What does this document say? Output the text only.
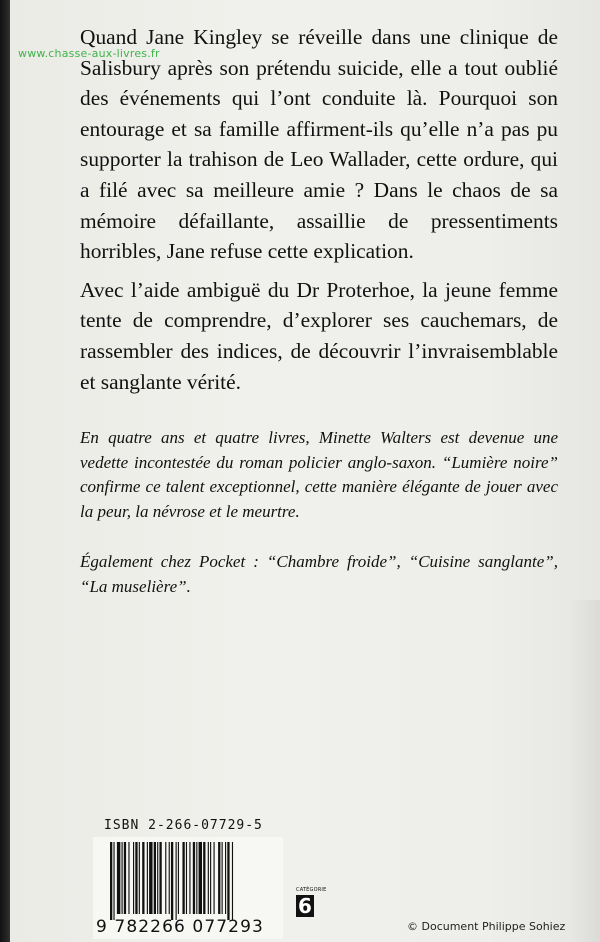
www.chasse-aux-livres.fr

Quand Jane Kingley se réveille dans une clinique de Salisbury après son prétendu suicide, elle a tout oublié des événements qui l’ont conduite là. Pourquoi son entourage et sa famille affirment-ils qu’elle n’a pas pu supporter la trahison de Leo Wallader, cette ordure, qui a filé avec sa meilleure amie ? Dans le chaos de sa mémoire défaillante, assaillie de pressentiments horribles, Jane refuse cette explication.

Avec l’aide ambiguë du Dr Proterhoe, la jeune femme tente de comprendre, d’explorer ses cauchemars, de rassembler des indices, de découvrir l’invraisemblable et sanglante vérité.

En quatre ans et quatre livres, Minette Walters est devenue une vedette incontestée du roman policier anglo-saxon. “Lumière noire” confirme ce talent exceptionnel, cette manière élégante de jouer avec la peur, la névrose et le meurtre.

Également chez Pocket : “Chambre froide”, “Cuisine sanglante”, “La muselière”.

ISBN 2-266-07729-5
9 782266 077293
CATÉGORIE
6
© Document Philippe Sohiez
